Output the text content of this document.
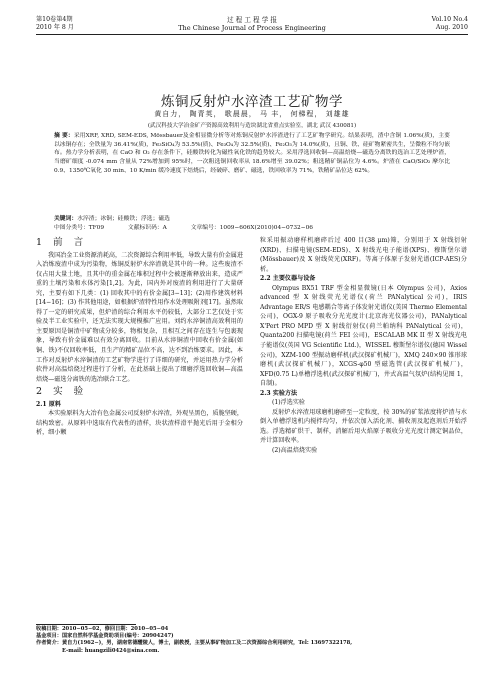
第10卷第4期
2010 年 8 月
过 程 工 程 学 报
The Chinese Journal of Process Engineering
Vol.10 No.4
Aug. 2010
炼铜反射炉水淬渣工艺矿物学
黄自力， 陶青英， 歌晨晨， 马 丰， 何梯程， 刘雄雄
(武汉科技大学冶金矿产资源高效利用与造块湖北省重点实验室，湖北 武汉 430081)

摘 要：采用XRF, XRD, SEM-EDS, Mössbauer及金相显微分析等对炼铜反射炉水淬渣进行了工艺矿物学研究。结果表明，渣中含铜 1.06%(质)，主要以冰铜存在；全铁量为 36.41%(质)，Fe₃SiO₄为 53.5%(质)、Fe₃O₄为 32.5%(质)、Fe₂O₃为 14.0%(质)，且铜、铁、硅矿物紧密共生，呈微粒不均匀嵌布。热力学分析表明，在 CaO 和 O₂ 存在条件下，硅酸铁转化为磁性氧化铁的趋势较大。采用浮选回收铜—高温焙烧—磁选分离铁的选冶工艺处理炉渣，当磨矿细度 -0.074 mm 含量从 72%增加到 95%时，一次粗选铜回收率从 18.6%增至 39.02%；粗选精矿铜品位为 4.6%。炉渣在 CaO/SiO₂ 摩尔比 0.9、1350℃氧化 30 min、10 K/min 缓冷速度下焙烧后，经破碎、磨矿、磁选，铁回收率为 71%，铁精矿品位达 62%。

关键词：水淬渣；冰铜；硅酸铁；浮选；磁选
中图分类号：TF09	文献标识码：A	文章编号：1009−606X(2010)04−0732−06
1 前 言

我国冶金工业资源消耗高，二次资源综合利用率低，导致大量有价金属进入冶炼废渣中成为污染物，炼铜反射炉水淬渣就是其中的一种。这些废渣不仅占用大量土地，且其中的重金属在堆积过程中会被逐渐释放出来，造成严重的土壤污染和水体污染[1,2]。为此，国内外对废渣的利用进行了大量研究，主要有如下几类：(1) 回收其中的有价金属[3−13]；(2)用作建筑材料[14−16]；(3) 作其他用途，如根据炉渣特性用作水处理吸附剂[17]。虽然取得了一定的研究成果，但炉渣的综合利用水平仍较低，大部分工艺仅处于实验及半工业实验中，还无法实现大规模推广应用。刘约水淬铜渣高效利用的主要原因是铜渣中矿物成分较多，物相复杂，且相互之间存在连生与包裹现象，导致有价金属难以有效分离回收。目前从水淬铜渣中回收有价金属(如铜、铁)不仅回收率低，且生产的精矿品位不高，达不到冶炼要求。因此，本工作对反射炉水淬铜渣的工艺矿物学进行了详细的研究，并运用热力学分析软件对高温焙烧过程进行了分析，在此基础上提出了细磨浮选回收铜—高温焙烧—磁选分离铁的选冶联合工艺。

2 实 验
2.1 原料

本实验原料为大冶有色金属公司反射炉水淬渣，外观呈黑色，质脆坚硬，结构致密。从原料中选取有代表性的渣样，块状渣样滑平抛光后用于金相分析，细小颗

粒采用振动磨样机磨碎后过 400 目(38 μm)筛，分别用于 X 射线衍射(XRD)、扫描电镜(SEM-EDS)、X 射线光电子能谱(XPS)、穆斯堡尔谱(Mössbauer)及 X 射线荧光(XRF)。等离子体原子发射光谱(ICP-AES)分析。

2.2 主要仪器与设备

Olympus BX51 TRF 型金相显微镜(日本 Olympus 公司)，Axios advanced 型 X 射线荧光光谱仪(荷兰 PANalytical 公司)，IRIS Advantage ER/S 电感耦合等离子体发射光谱仪(美国 Thermo Elemental 公司)，OGX-9 原子吸收分光光度计(北京海光仪器公司)，PANalytical X'Pert PRO MPD 型 X 射线衍射仪(荷兰帕纳科 PANalytical 公司)，Quanta200 扫描电镜(荷兰 FEI 公司)，ESCALAB MK II 型 X 射线光电子能谱仪(英国 VG Scientific Ltd.)，WISSEL 穆斯堡尔谱仪(德国 Wissel 公司)，XZM-100 型振动磨样机(武汉探矿机械厂)，XMQ 240×90 锥形球磨机(武汉探矿机械厂)，XCGS-φ50 型磁选管(武汉探矿机械厂)，XFD(0.75 L)单槽浮选机(武汉探矿机械厂)，井式高温气氛炉(结构见图 1，自制)。

2.3 实验方法

(1)浮选实验

反射炉水淬渣用球磨机磨碎至一定粒度，按 30%的矿浆浓度将炉渣与水倒入单槽浮选机内搅拌均匀，并依次加入活化剂、捕收剂及起泡剂后开始浮选。浮选精矿烘干、制样，消解后用火焰原子吸收分光光度计测定铜品位，并计算回收率。

(2)高温焙烧实验

收稿日期：2010−05−02，修回日期：2010−05−04
基金项目：国家自然科学基金资助项目(编号：20904247)
作者简介：黄自力(1962−)，男，湖南常德醴陵人，博士，副教授，主要从事矿物加工及二次资源综合利用研究，Tel: 13697322178,
E-mail: huangzili0424@sina.com.
